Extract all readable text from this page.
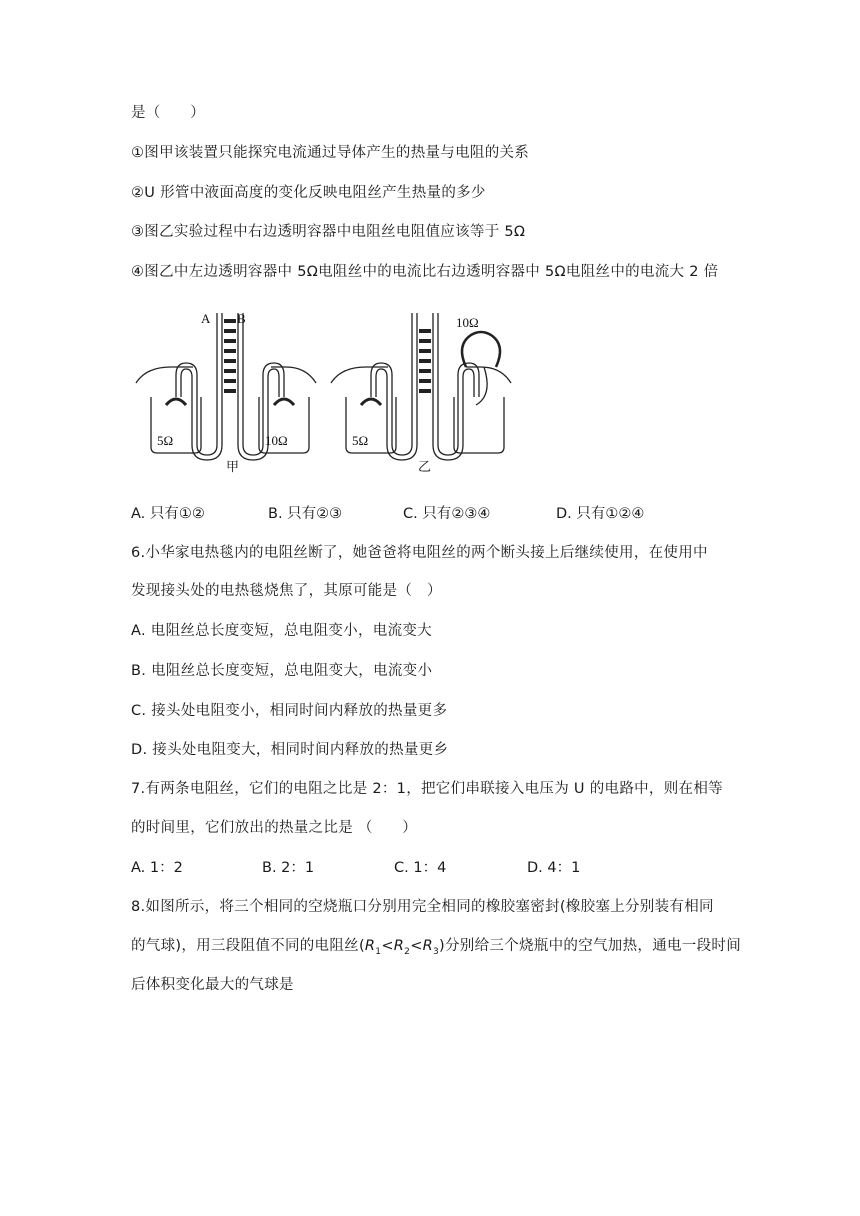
是（　　）
①图甲该装置只能探究电流通过导体产生的热量与电阻的关系
②U 形管中液面高度的变化反映电阻丝产生热量的多少
③图乙实验过程中右边透明容器中电阻丝电阻值应该等于 5Ω
④图乙中左边透明容器中 5Ω电阻丝中的电流比右边透明容器中 5Ω电阻丝中的电流大 2 倍
A B
5Ω	10Ω
甲
5Ω
10Ω
乙
A. 只有①②	B. 只有②③	C. 只有②③④	D. 只有①②④
6.小华家电热毯内的电阻丝断了，她爸爸将电阻丝的两个断头接上后继续使用，在使用中
发现接头处的电热毯烧焦了，其原可能是（　）
A. 电阻丝总长度变短，总电阻变小，电流变大
B. 电阻丝总长度变短，总电阻变大，电流变小
C. 接头处电阻变小，相同时间内释放的热量更多
D. 接头处电阻变大，相同时间内释放的热量更乡
7.有两条电阻丝，它们的电阻之比是 2：1，把它们串联接入电压为 U 的电路中，则在相等
的时间里，它们放出的热量之比是 （　　）
A. 1：2	B. 2：1	C. 1：4	D. 4：1
8.如图所示，将三个相同的空烧瓶口分别用完全相同的橡胶塞密封(橡胶塞上分别装有相同
的气球)，用三段阻值不同的电阻丝$(R_1<R_2<R_3)$分别给三个烧瓶中的空气加热，通电一段时间
后体积变化最大的气球是
